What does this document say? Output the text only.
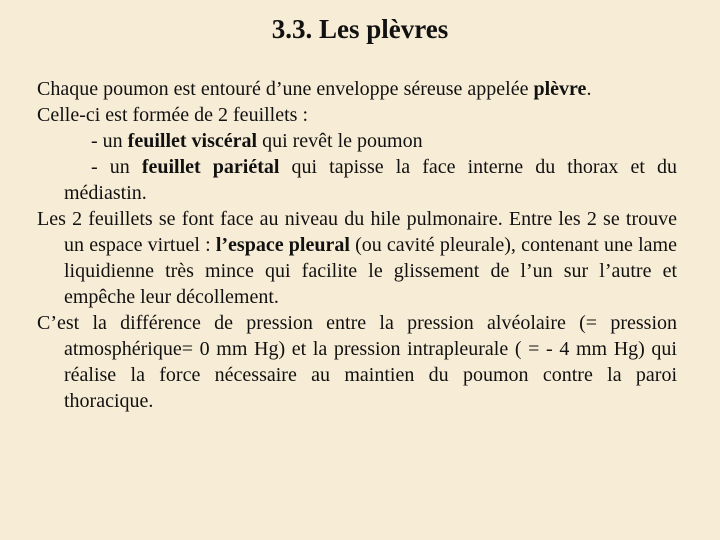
3.3. Les plèvres

Chaque poumon est entouré d’une enveloppe séreuse appelée plèvre.

Celle-ci est formée de 2 feuillets :

- un feuillet viscéral qui revêt le poumon

- un feuillet pariétal qui tapisse la face interne du thorax et du médiastin.

Les 2 feuillets se font face au niveau du hile pulmonaire. Entre les 2 se trouve un espace virtuel : l’espace pleural (ou cavité pleurale), contenant une lame liquidienne très mince qui facilite le glissement de l’un sur l’autre et empêche leur décollement.

C’est la différence de pression entre la pression alvéolaire (= pression atmosphérique= 0 mm Hg) et la pression intrapleurale ( = - 4 mm Hg) qui réalise la force nécessaire au maintien du poumon contre la paroi thoracique.
